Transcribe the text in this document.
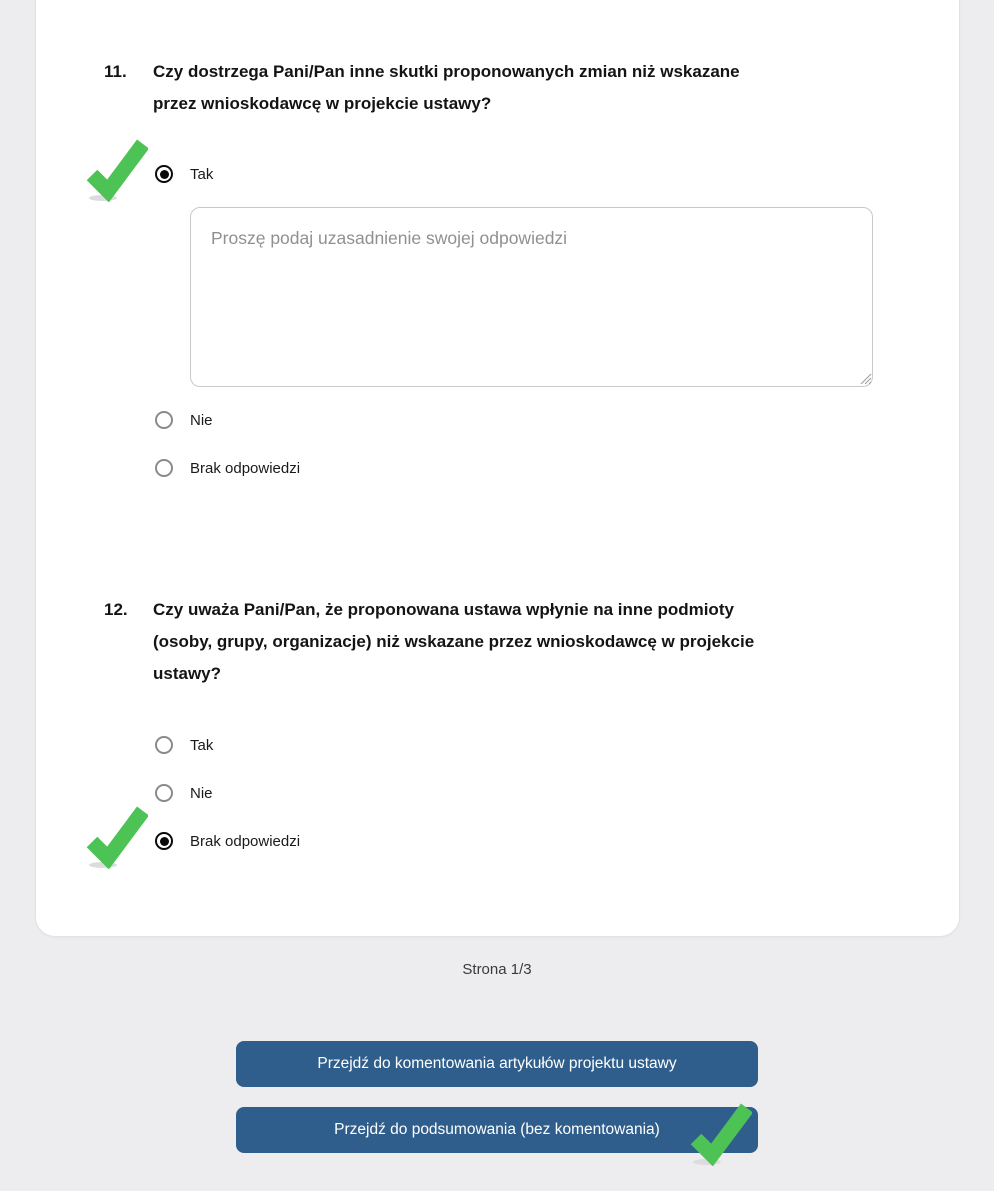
11. Czy dostrzega Pani/Pan inne skutki proponowanych zmian niż wskazane
przez wnioskodawcę w projekcie ustawy?
Tak
Proszę podaj uzasadnienie swojej odpowiedzi
Nie
Brak odpowiedzi
12. Czy uważa Pani/Pan, że proponowana ustawa wpłynie na inne podmioty
(osoby, grupy, organizacje) niż wskazane przez wnioskodawcę w projekcie
ustawy?
Tak
Nie
Brak odpowiedzi
Strona 1/3
Przejdź do komentowania artykułów projektu ustawy
Przejdź do podsumowania (bez komentowania)
